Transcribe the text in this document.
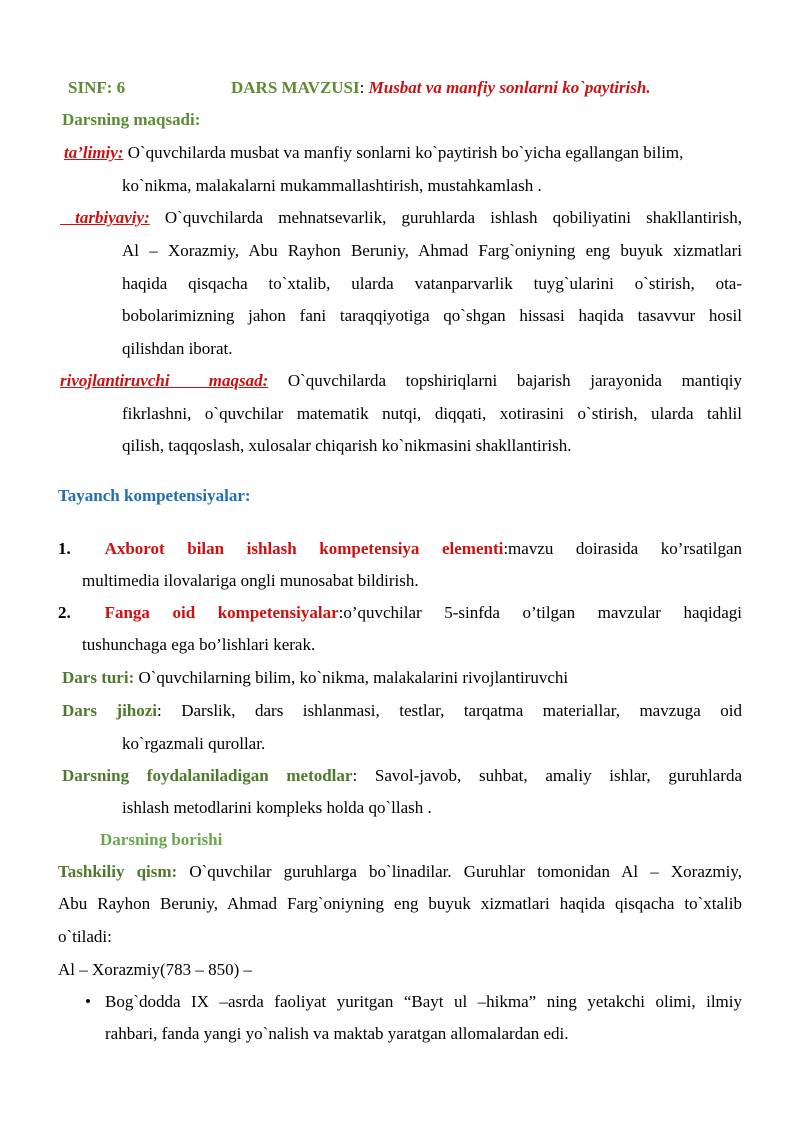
SINF: 6	DARS MAVZUSI: Musbat va manfiy sonlarni ko`paytirish.
Darsning maqsadi:
ta’limiy: O`quvchilarda musbat va manfiy sonlarni ko`paytirish bo`yicha egallangan bilim,
ko`nikma, malakalarni mukammallashtirish, mustahkamlash .
tarbiyaviy: O`quvchilarda mehnatsevarlik, guruhlarda ishlash qobiliyatini shakllantirish,
Al – Xorazmiy, Abu Rayhon Beruniy, Ahmad Farg`oniyning eng buyuk xizmatlari
haqida qisqacha to`xtalib, ularda vatanparvarlik tuyg`ularini o`stirish, ota-
bobolarimizning jahon fani taraqqiyotiga qo`shgan hissasi haqida tasavvur hosil
qilishdan iborat.
rivojlantiruvchi  maqsad: O`quvchilarda topshiriqlarni bajarish jarayonida mantiqiy
fikrlashni, o`quvchilar matematik nutqi, diqqati, xotirasini o`stirish, ularda tahlil
qilish, taqqoslash, xulosalar chiqarish ko`nikmasini shakllantirish.
Tayanch kompetensiyalar:
1. Axborot bilan ishlash kompetensiya elementi:mavzu doirasida ko’rsatilgan
multimedia ilovalariga ongli munosabat bildirish.
2. Fanga oid kompetensiyalar:o’quvchilar 5-sinfda o’tilgan mavzular haqidagi
tushunchaga ega bo’lishlari kerak.
Dars turi: O`quvchilarning bilim, ko`nikma, malakalarini rivojlantiruvchi
Dars jihozi: Darslik, dars ishlanmasi, testlar, tarqatma materiallar, mavzuga oid
ko`rgazmali qurollar.
Darsning foydalaniladigan metodlar: Savol-javob, suhbat, amaliy ishlar, guruhlarda
ishlash metodlarini kompleks holda qo`llash .
Darsning borishi
Tashkiliy qism: O`quvchilar guruhlarga bo`linadilar. Guruhlar tomonidan Al – Xorazmiy,
Abu Rayhon Beruniy, Ahmad Farg`oniyning eng buyuk xizmatlari haqida qisqacha to`xtalib
o`tiladi:
Al – Xorazmiy(783 – 850) –
• Bog`dodda IX –asrda faoliyat yuritgan “Bayt ul –hikma” ning yetakchi olimi, ilmiy
rahbari, fanda yangi yo`nalish va maktab yaratgan allomalardan edi.
